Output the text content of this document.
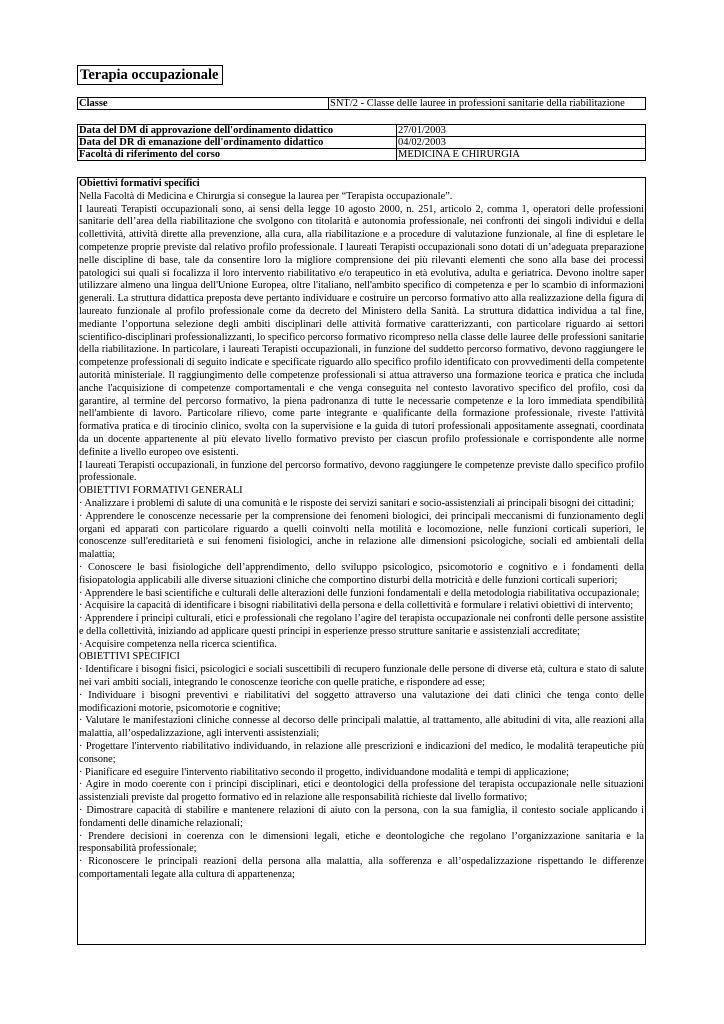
Terapia occupazionale
Classe	SNT/2 - Classe delle lauree in professioni sanitarie della riabilitazione
Data del DM di approvazione dell'ordinamento didattico	27/01/2003
Data del DR di emanazione dell'ordinamento didattico	04/02/2003
Facoltà di riferimento del corso	MEDICINA E CHIRURGIA

Obiettivi formativi specifici

Nella Facoltà di Medicina e Chirurgia si consegue la laurea per “Terapista occupazionale”.

I laureati Terapisti occupazionali sono, ai sensi della legge 10 agosto 2000, n. 251, articolo 2, comma 1, operatori delle professioni sanitarie dell’area della riabilitazione che svolgono con titolarità e autonomia professionale, nei confronti dei singoli individui e della collettività, attività dirette alla prevenzione, alla cura, alla riabilitazione e a procedure di valutazione funzionale, al fine di espletare le competenze proprie previste dal relativo profilo professionale. I laureati Terapisti occupazionali sono dotati di un’adeguata preparazione nelle discipline di base, tale da consentire loro la migliore comprensione dei più rilevanti elementi che sono alla base dei processi patologici sui quali si focalizza il loro intervento riabilitativo e/o terapeutico in età evolutiva, adulta e geriatrica. Devono inoltre saper utilizzare almeno una lingua dell'Unione Europea, oltre l'italiano, nell'ambito specifico di competenza e per lo scambio di informazioni generali. La struttura didattica preposta deve pertanto individuare e costruire un percorso formativo atto alla realizzazione della figura di laureato funzionale al profilo professionale come da decreto del Ministero della Sanità. La struttura didattica individua a tal fine, mediante l’opportuna selezione degli ambiti disciplinari delle attività formative caratterizzanti, con particolare riguardo ai settori scientifico-disciplinari professionalizzanti, lo specifico percorso formativo ricompreso nella classe delle lauree delle professioni sanitarie della riabilitazione. In particolare, i laureati Terapisti occupazionali, in funzione del suddetto percorso formativo, devono raggiungere le competenze professionali di seguito indicate e specificate riguardo allo specifico profilo identificato con provvedimenti della competente autorità ministeriale. Il raggiungimento delle competenze professionali si attua attraverso una formazione teorica e pratica che includa anche l'acquisizione di competenze comportamentali e che venga conseguita nel contesto lavorativo specifico del profilo, così da garantire, al termine del percorso formativo, la piena padronanza di tutte le necessarie competenze e la loro immediata spendibilità nell'ambiente di lavoro. Particolare rilievo, come parte integrante e qualificante della formazione professionale, riveste l'attività formativa pratica e di tirocinio clinico, svolta con la supervisione e la guida di tutori professionali appositamente assegnati, coordinata da un docente appartenente al più elevato livello formativo previsto per ciascun profilo professionale e corrispondente alle norme definite a livello europeo ove esistenti.

I laureati Terapisti occupazionali, in funzione del percorso formativo, devono raggiungere le competenze previste dallo specifico profilo professionale.

OBIETTIVI FORMATIVI GENERALI

· Analizzare i problemi di salute di una comunità e le risposte dei servizi sanitari e socio-assistenziali ai principali bisogni dei cittadini;

· Apprendere le conoscenze necessarie per la comprensione dei fenomeni biologici, dei principali meccanismi di funzionamento degli organi ed apparati con particolare riguardo a quelli coinvolti nella motilità e locomozione, nelle funzioni corticali superiori, le conoscenze sull'ereditarietà e sui fenomeni fisiologici, anche in relazione alle dimensioni psicologiche, sociali ed ambientali della malattia;

· Conoscere le basi fisiologiche dell’apprendimento, dello sviluppo psicologico, psicomotorio e cognitivo e i fondamenti della fisiopatologia applicabili alle diverse situazioni cliniche che comportino disturbi della motricità e delle funzioni corticali superiori;

· Apprendere le basi scientifiche e culturali delle alterazioni delle funzioni fondamentali e della metodologia riabilitativa occupazionale;

· Acquisire la capacità di identificare i bisogni riabilitativi della persona e della collettività e formulare i relativi obiettivi di intervento;

· Apprendere i principi culturali, etici e professionali che regolano l’agire del terapista occupazionale nei confronti delle persone assistite e della collettività, iniziando ad applicare questi principi in esperienze presso strutture sanitarie e assistenziali accreditate;

· Acquisire competenza nella ricerca scientifica.

OBIETTIVI SPECIFICI

· Identificare i bisogni fisici, psicologici e sociali suscettibili di recupero funzionale delle persone di diverse età, cultura e stato di salute nei vari ambiti sociali, integrando le conoscenze teoriche con quelle pratiche, e rispondere ad esse;

· Individuare i bisogni preventivi e riabilitativi del soggetto attraverso una valutazione dei dati clinici che tenga conto delle modificazioni motorie, psicomotorie e cognitive;

· Valutare le manifestazioni cliniche connesse al decorso delle principali malattie, al trattamento, alle abitudini di vita, alle reazioni alla malattia, all’ospedalizzazione, agli interventi assistenziali;

· Progettare l'intervento riabilitativo individuando, in relazione alle prescrizioni e indicazioni del medico, le modalità terapeutiche più consone;

· Pianificare ed eseguire l'intervento riabilitativo secondo il progetto, individuandone modalità e tempi di applicazione;

· Agire in modo coerente con i principi disciplinari, etici e deontologici della professione del terapista occupazionale nelle situazioni assistenziali previste dal progetto formativo ed in relazione alle responsabilità richieste dal livello formativo;

· Dimostrare capacità di stabilire e mantenere relazioni di aiuto con la persona, con la sua famiglia, il contesto sociale applicando i fondamenti delle dinamiche relazionali;

· Prendere decisioni in coerenza con le dimensioni legali, etiche e deontologiche che regolano l’organizzazione sanitaria e la responsabilità professionale;

· Riconoscere le principali reazioni della persona alla malattia, alla sofferenza e all’ospedalizzazione rispettando le differenze comportamentali legate alla cultura di appartenenza;
